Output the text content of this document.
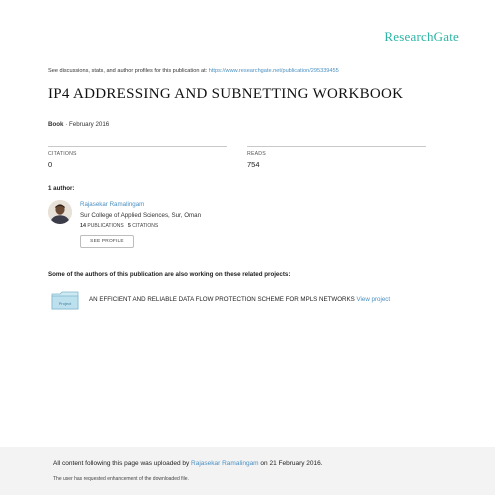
ResearchGate
See discussions, stats, and author profiles for this publication at: https://www.researchgate.net/publication/295339455
IP4 ADDRESSING AND SUBNETTING WORKBOOK
Book · February 2016
CITATIONS
0
READS
754
1 author:
Rajasekar Ramalingam
Sur College of Applied Sciences, Sur, Oman
14 PUBLICATIONS 5 CITATIONS
SEE PROFILE
Some of the authors of this publication are also working on these related projects:
Project
AN EFFICIENT AND RELIABLE DATA FLOW PROTECTION SCHEME FOR MPLS NETWORKS View project
All content following this page was uploaded by Rajasekar Ramalingam on 21 February 2016.
The user has requested enhancement of the downloaded file.
